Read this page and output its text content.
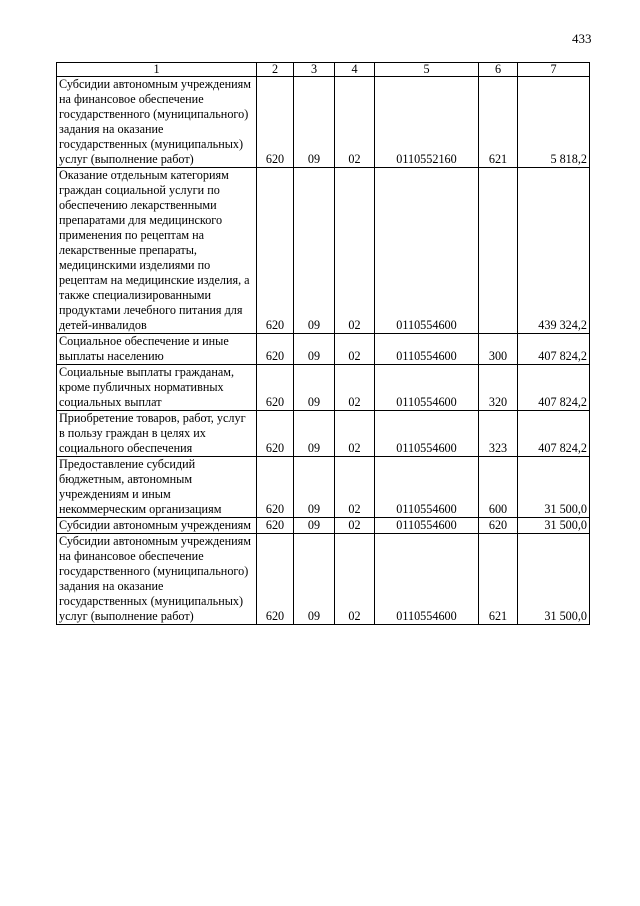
433
1	2	3	4	5	6	7
Субсидии автономным учреждениям на финансовое обеспечение государственного (муниципального) задания на оказание государственных (муниципальных) услуг (выполнение работ)	620	09	02	0110552160	621	5 818,2
Оказание отдельным категориям граждан социальной услуги по обеспечению лекарственными препаратами для медицинского применения по рецептам на лекарственные препараты, медицинскими изделиями по рецептам на медицинские изделия, а также специализированными продуктами лечебного питания для детей-инвалидов	620	09	02	0110554600		439 324,2
Социальное обеспечение и иные выплаты населению	620	09	02	0110554600	300	407 824,2
Социальные выплаты гражданам, кроме публичных нормативных социальных выплат	620	09	02	0110554600	320	407 824,2
Приобретение товаров, работ, услуг в пользу граждан в целях их социального обеспечения	620	09	02	0110554600	323	407 824,2
Предоставление субсидий бюджетным, автономным учреждениям и иным некоммерческим организациям	620	09	02	0110554600	600	31 500,0
Субсидии автономным учреждениям	620	09	02	0110554600	620	31 500,0
Субсидии автономным учреждениям на финансовое обеспечение государственного (муниципального) задания на оказание государственных (муниципальных) услуг (выполнение работ)	620	09	02	0110554600	621	31 500,0
